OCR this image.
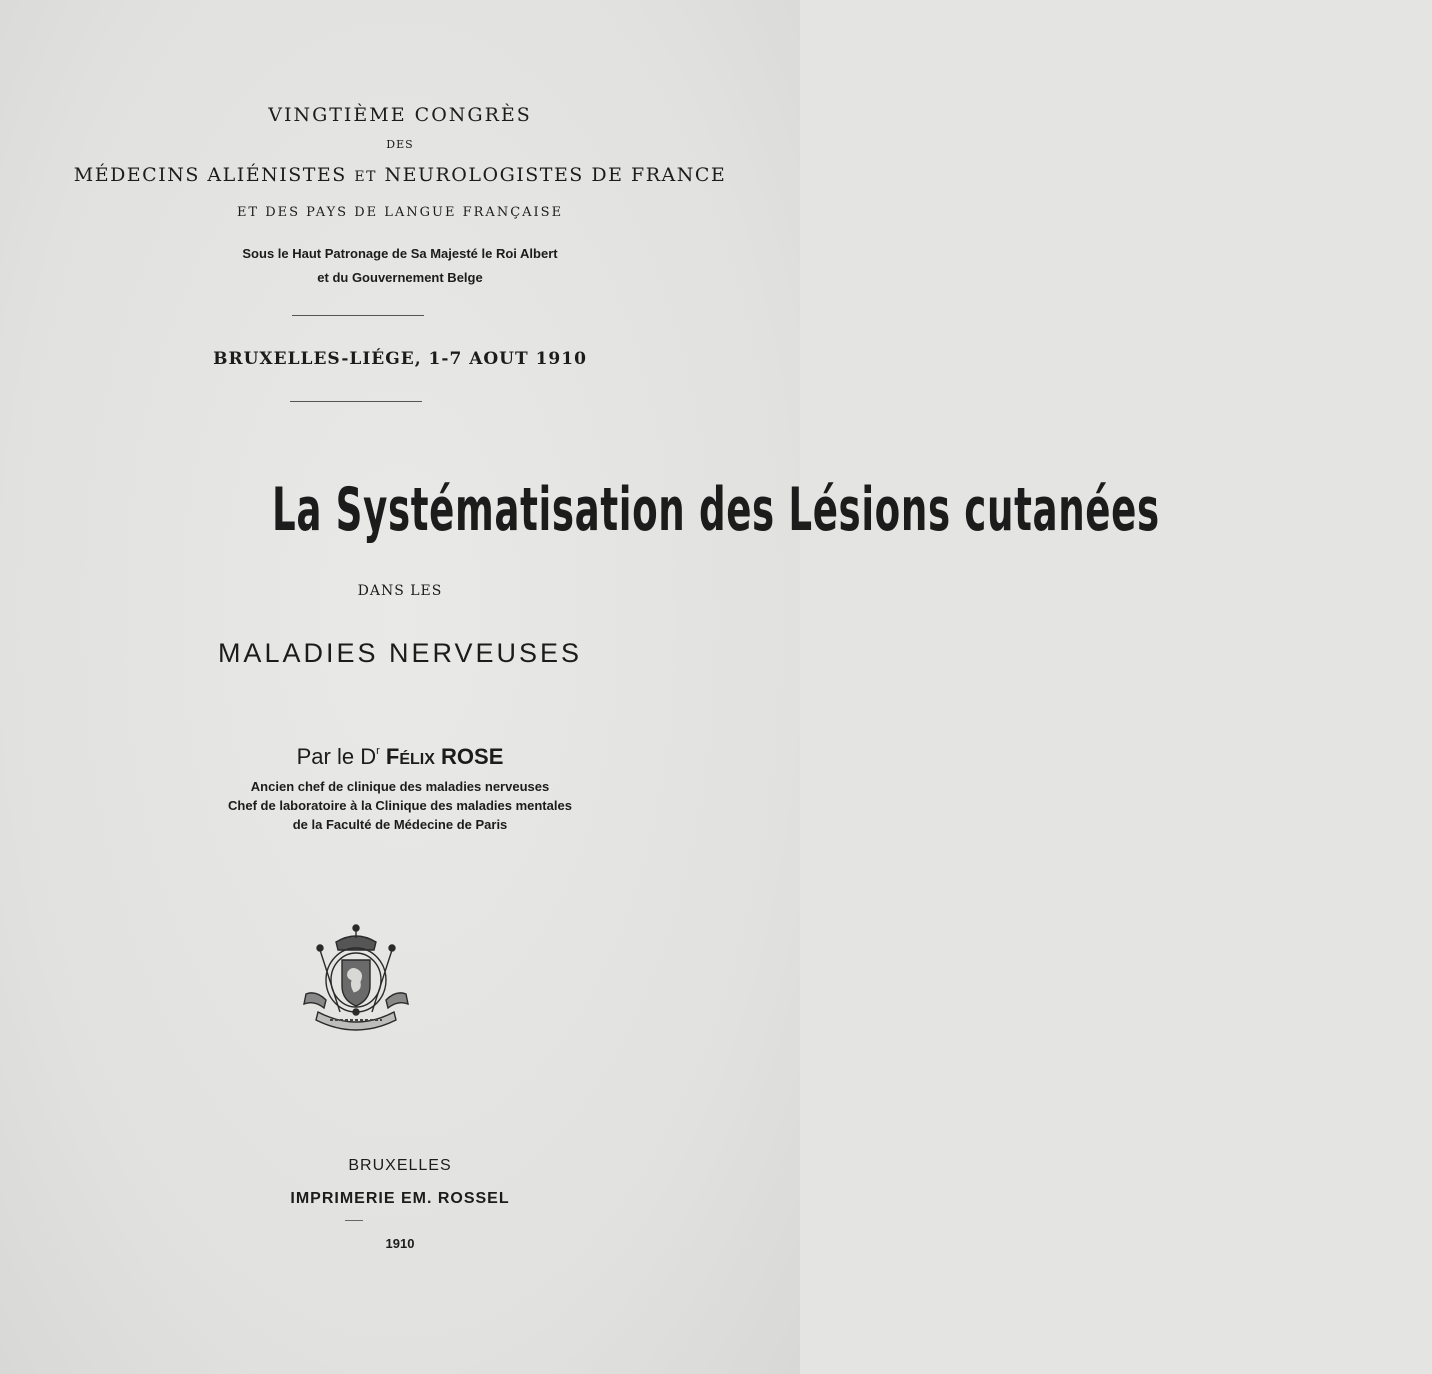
VINGTIÈME CONGRÈS
DES
MÉDECINS ALIÉNISTES ET NEUROLOGISTES DE FRANCE
ET DES PAYS DE LANGUE FRANÇAISE
Sous le Haut Patronage de Sa Majesté le Roi Albert
et du Gouvernement Belge
BRUXELLES-LIÉGE, 1-7 AOUT 1910
La Systématisation des Lésions cutanées
DANS LES
MALADIES NERVEUSES
Par le $D^r$ FÉLIX ROSE
Ancien chef de clinique des maladies nerveuses
Chef de laboratoire à la Clinique des maladies mentales
de la Faculté de Médecine de Paris
BRUXELLES
IMPRIMERIE EM. ROSSEL
1910
